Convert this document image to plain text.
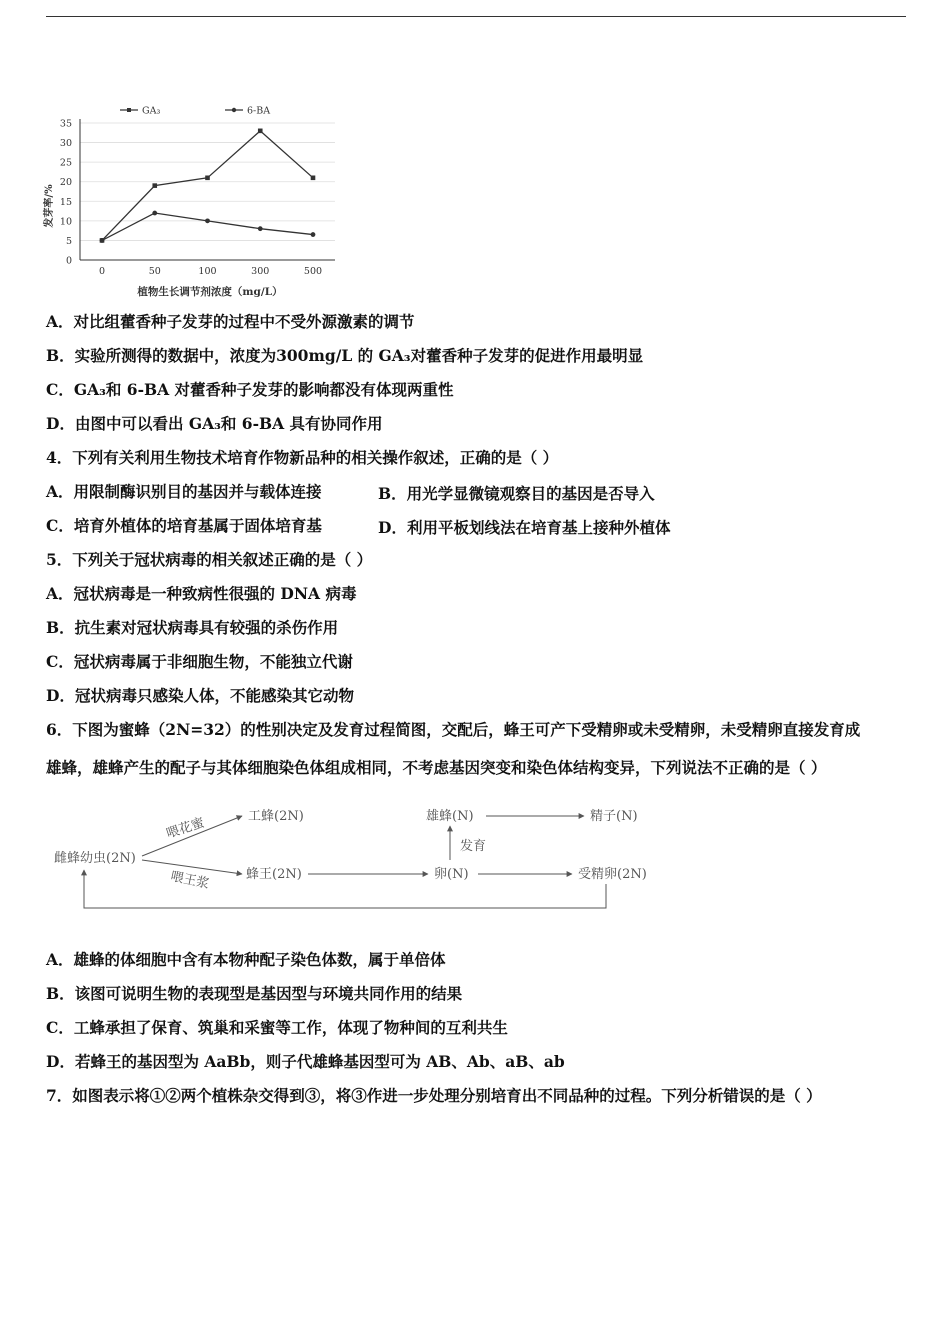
0
5
10
15
20
25
30
35
0	50	100	300	500
GA₃	6-BA
发芽率/%
植物生长调节剂浓度（mg/L）
A．对比组藿香种子发芽的过程中不受外源激素的调节
B．实验所测得的数据中，浓度为300mg/L 的 GA₃对藿香种子发芽的促进作用最明显
C．GA₃和 6-BA 对藿香种子发芽的影响都没有体现两重性
D．由图中可以看出 GA₃和 6-BA 具有协同作用
4．下列有关利用生物技术培育作物新品种的相关操作叙述，正确的是（ ）
A．用限制酶识别目的基因并与载体连接	B．用光学显微镜观察目的基因是否导入
C．培育外植体的培育基属于固体培育基	D．利用平板划线法在培育基上接种外植体
5．下列关于冠状病毒的相关叙述正确的是（ ）
A．冠状病毒是一种致病性很强的 DNA 病毒
B．抗生素对冠状病毒具有较强的杀伤作用
C．冠状病毒属于非细胞生物，不能独立代谢
D．冠状病毒只感染人体，不能感染其它动物
6．下图为蜜蜂（2N=32）的性别决定及发育过程简图，交配后，蜂王可产下受精卵或未受精卵，未受精卵直接发育成
雄蜂，雄蜂产生的配子与其体细胞染色体组成相同，不考虑基因突变和染色体结构变异，下列说法不正确的是（ ）
雌蜂幼虫(2N)
工蜂(2N)
蜂王(2N)
喂花蜜
喂王浆
雄蜂(N)
卵(N)
发育
精子(N)
受精卵(2N)
A．雄蜂的体细胞中含有本物种配子染色体数，属于单倍体
B．该图可说明生物的表现型是基因型与环境共同作用的结果
C．工蜂承担了保育、筑巢和采蜜等工作，体现了物种间的互利共生
D．若蜂王的基因型为 AaBb，则子代雄蜂基因型可为 AB、Ab、aB、ab
7．如图表示将①②两个植株杂交得到③，将③作进一步处理分别培育出不同品种的过程。下列分析错误的是（ ）
